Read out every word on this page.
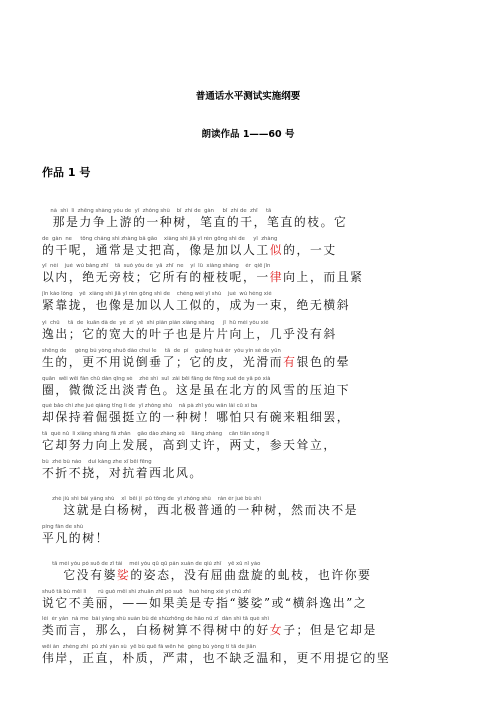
普通话水平测试实施纲要
朗读作品 1——60 号
作品 1 号
nà  shì  lì  zhēng shàng yóu de  yī  zhǒng shù    bǐ  zhí de  gàn     bǐ  zhí de  zhī     tā
那是力争上游的一种树，笔直的干，笔直的枝。它
de  gàn  ne     tōng cháng shì zhàng bǎ gāo    xiàng shì jiā yǐ rén gōng shì de     yī  zhàng
的干呢，通常是丈把高，像是加以人工似的，一丈
yǐ  nèi    jué  wú bàng zhī    tā  suǒ yǒu de  yā  zhī  ne    yí  lǜ  xiàng shàng    ér  qiě jǐn
以内，绝无旁枝；它所有的桠枝呢，一律向上，而且紧
jǐn kào lǒng    yě  xiàng shì jiā yǐ rén gōng shì de    chéng wéi yī shù    jué  wú héng xié
紧靠拢，也像是加以人工似的，成为一束，绝无横斜
yì  chū     tā  de  kuān dà de  yè  zǐ  yě  shì piàn piàn xiàng shàng     jī  hū méi yǒu xié
逸出；它的宽大的叶子也是片片向上，几乎没有斜
shēng de     gèng bú yòng shuō dào chuí le     tā  de  pí    guāng huá ér  yǒu yín sè de yūn
生的，更不用说倒垂了；它的皮，光滑而有银色的晕
quān  wēi wēi fàn chū dàn qīng sè    zhè shì  suī  zài běi fāng de fēng xuě de yā pò xià
圈，微微泛出淡青色。这是虽在北方的风雪的压迫下
què bǎo chí zhe jué qiáng tǐng lì de  yī zhǒng shù    nǎ pà zhǐ yǒu wǎn lái cū xì ba
却保持着倔强挺立的一种树！哪怕只有碗来粗细罢，
tā  què nǔ  lì xiàng shàng fā zhǎn    gāo dào zhàng xǔ    liǎng zhàng    cān tiān sǒng lì
它却努力向上发展，高到丈许，两丈，参天耸立，
bù  zhé bù náo    duì kàng zhe xī běi fēng
不折不挠，对抗着西北风。
zhè jiù shì bái yáng shù    xī  běi jí  pǔ tōng de  yī zhǒng shù    rán ér jué bù shì
这就是白杨树，西北极普通的一种树，然而决不是
píng fán de shù
平凡的树！
tā méi yǒu pó suō de zī tài    méi yǒu qū qū pán xuán de qiú zhī    yě xǔ nǐ yào
它没有婆娑的姿态，没有屈曲盘旋的虬枝，也许你要
shuō tā bù měi lì       rú guǒ měi shì zhuān zhǐ pó suō    huò héng xié yì chū zhī
说它不美丽，——如果美是专指“婆娑”或“横斜逸出”之
lèi  ér yán  nà me  bái yáng shù suàn bù dé shùzhōng de hǎo nǚ zǐ  dàn shì tā què shì
类而言，那么，白杨树算不得树中的好女子；但是它却是
wěi àn  zhèng zhí  pǔ zhì yán sù  yě bù quē fá wēn hé  gèng bù yòng tí tā de jiān
伟岸，正直，朴质，严肃，也不缺乏温和，更不用提它的坚
